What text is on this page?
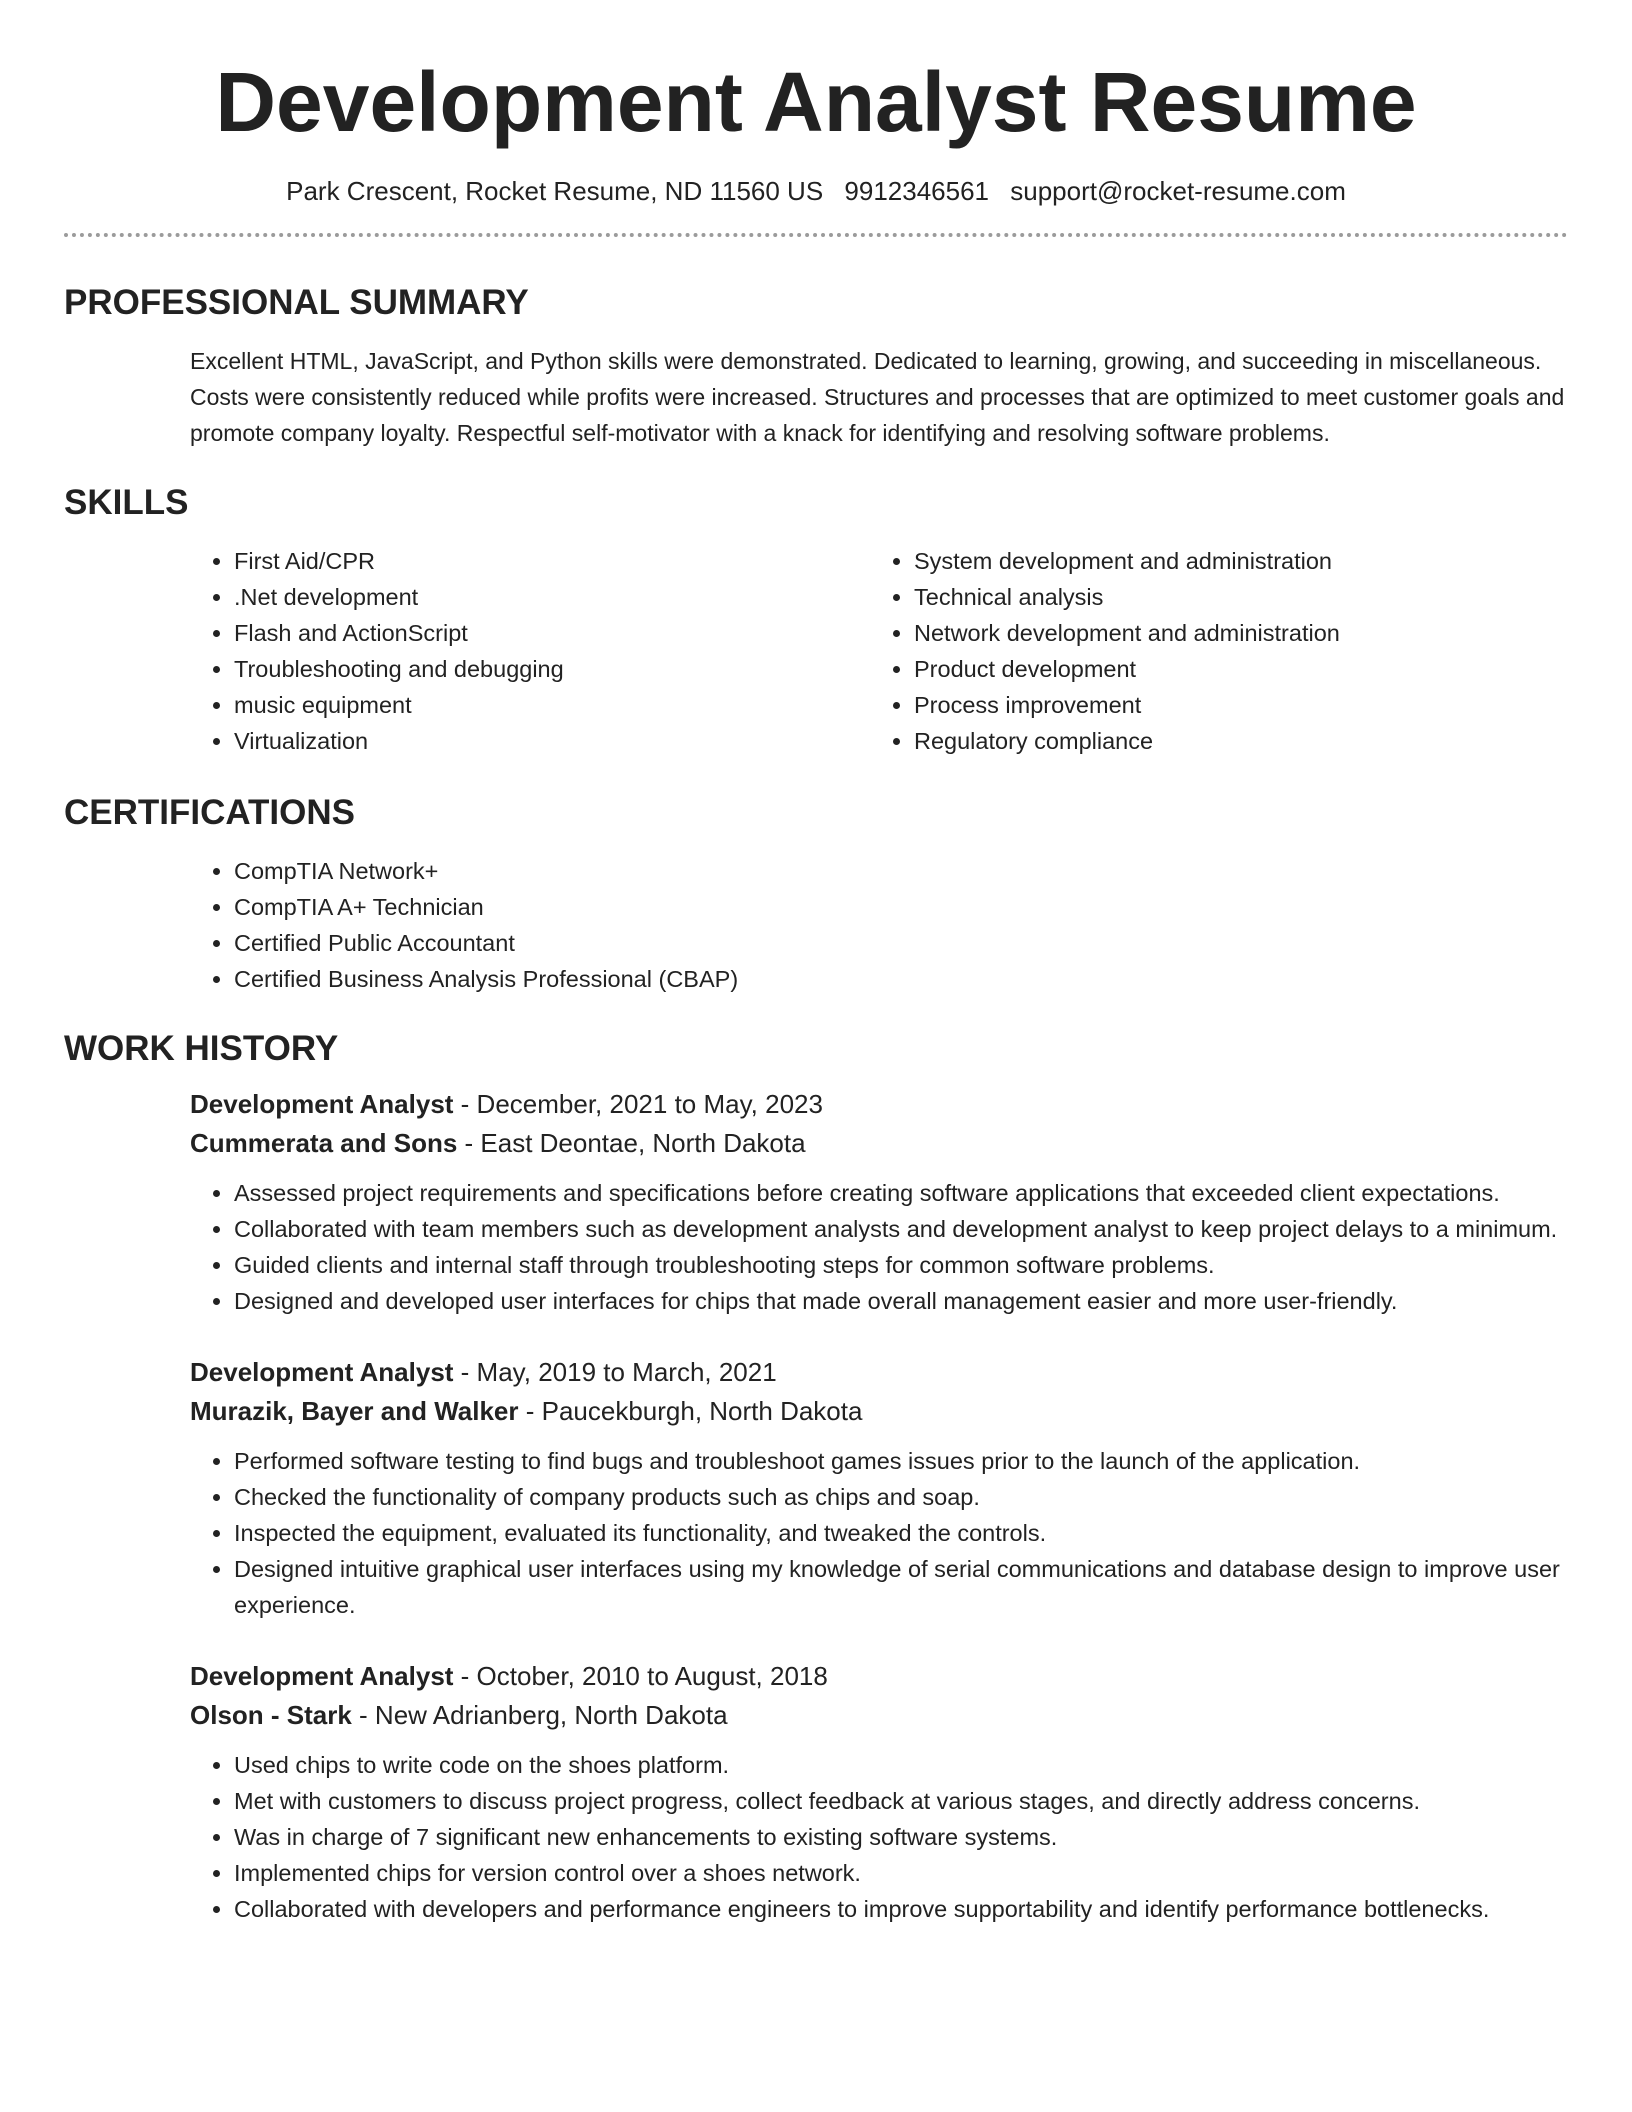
Development Analyst Resume
Park Crescent, Rocket Resume, ND 11560 US 9912346561 support@rocket-resume.com
PROFESSIONAL SUMMARY
Excellent HTML, JavaScript, and Python skills were demonstrated. Dedicated to learning, growing, and succeeding in miscellaneous. Costs were consistently reduced while profits were increased. Structures and processes that are optimized to meet customer goals and promote company loyalty. Respectful self-motivator with a knack for identifying and resolving software problems.
SKILLS
• First Aid/CPR
• .Net development
• Flash and ActionScript
• Troubleshooting and debugging
• music equipment
• Virtualization
• System development and administration
• Technical analysis
• Network development and administration
• Product development
• Process improvement
• Regulatory compliance
CERTIFICATIONS
• CompTIA Network+
• CompTIA A+ Technician
• Certified Public Accountant
• Certified Business Analysis Professional (CBAP)
WORK HISTORY
Development Analyst - December, 2021 to May, 2023
Cummerata and Sons - East Deontae, North Dakota
• Assessed project requirements and specifications before creating software applications that exceeded client expectations.
• Collaborated with team members such as development analysts and development analyst to keep project delays to a minimum.
• Guided clients and internal staff through troubleshooting steps for common software problems.
• Designed and developed user interfaces for chips that made overall management easier and more user-friendly.
Development Analyst - May, 2019 to March, 2021
Murazik, Bayer and Walker - Paucekburgh, North Dakota
• Performed software testing to find bugs and troubleshoot games issues prior to the launch of the application.
• Checked the functionality of company products such as chips and soap.
• Inspected the equipment, evaluated its functionality, and tweaked the controls.
• Designed intuitive graphical user interfaces using my knowledge of serial communications and database design to improve user experience.
Development Analyst - October, 2010 to August, 2018
Olson - Stark - New Adrianberg, North Dakota
• Used chips to write code on the shoes platform.
• Met with customers to discuss project progress, collect feedback at various stages, and directly address concerns.
• Was in charge of 7 significant new enhancements to existing software systems.
• Implemented chips for version control over a shoes network.
• Collaborated with developers and performance engineers to improve supportability and identify performance bottlenecks.
